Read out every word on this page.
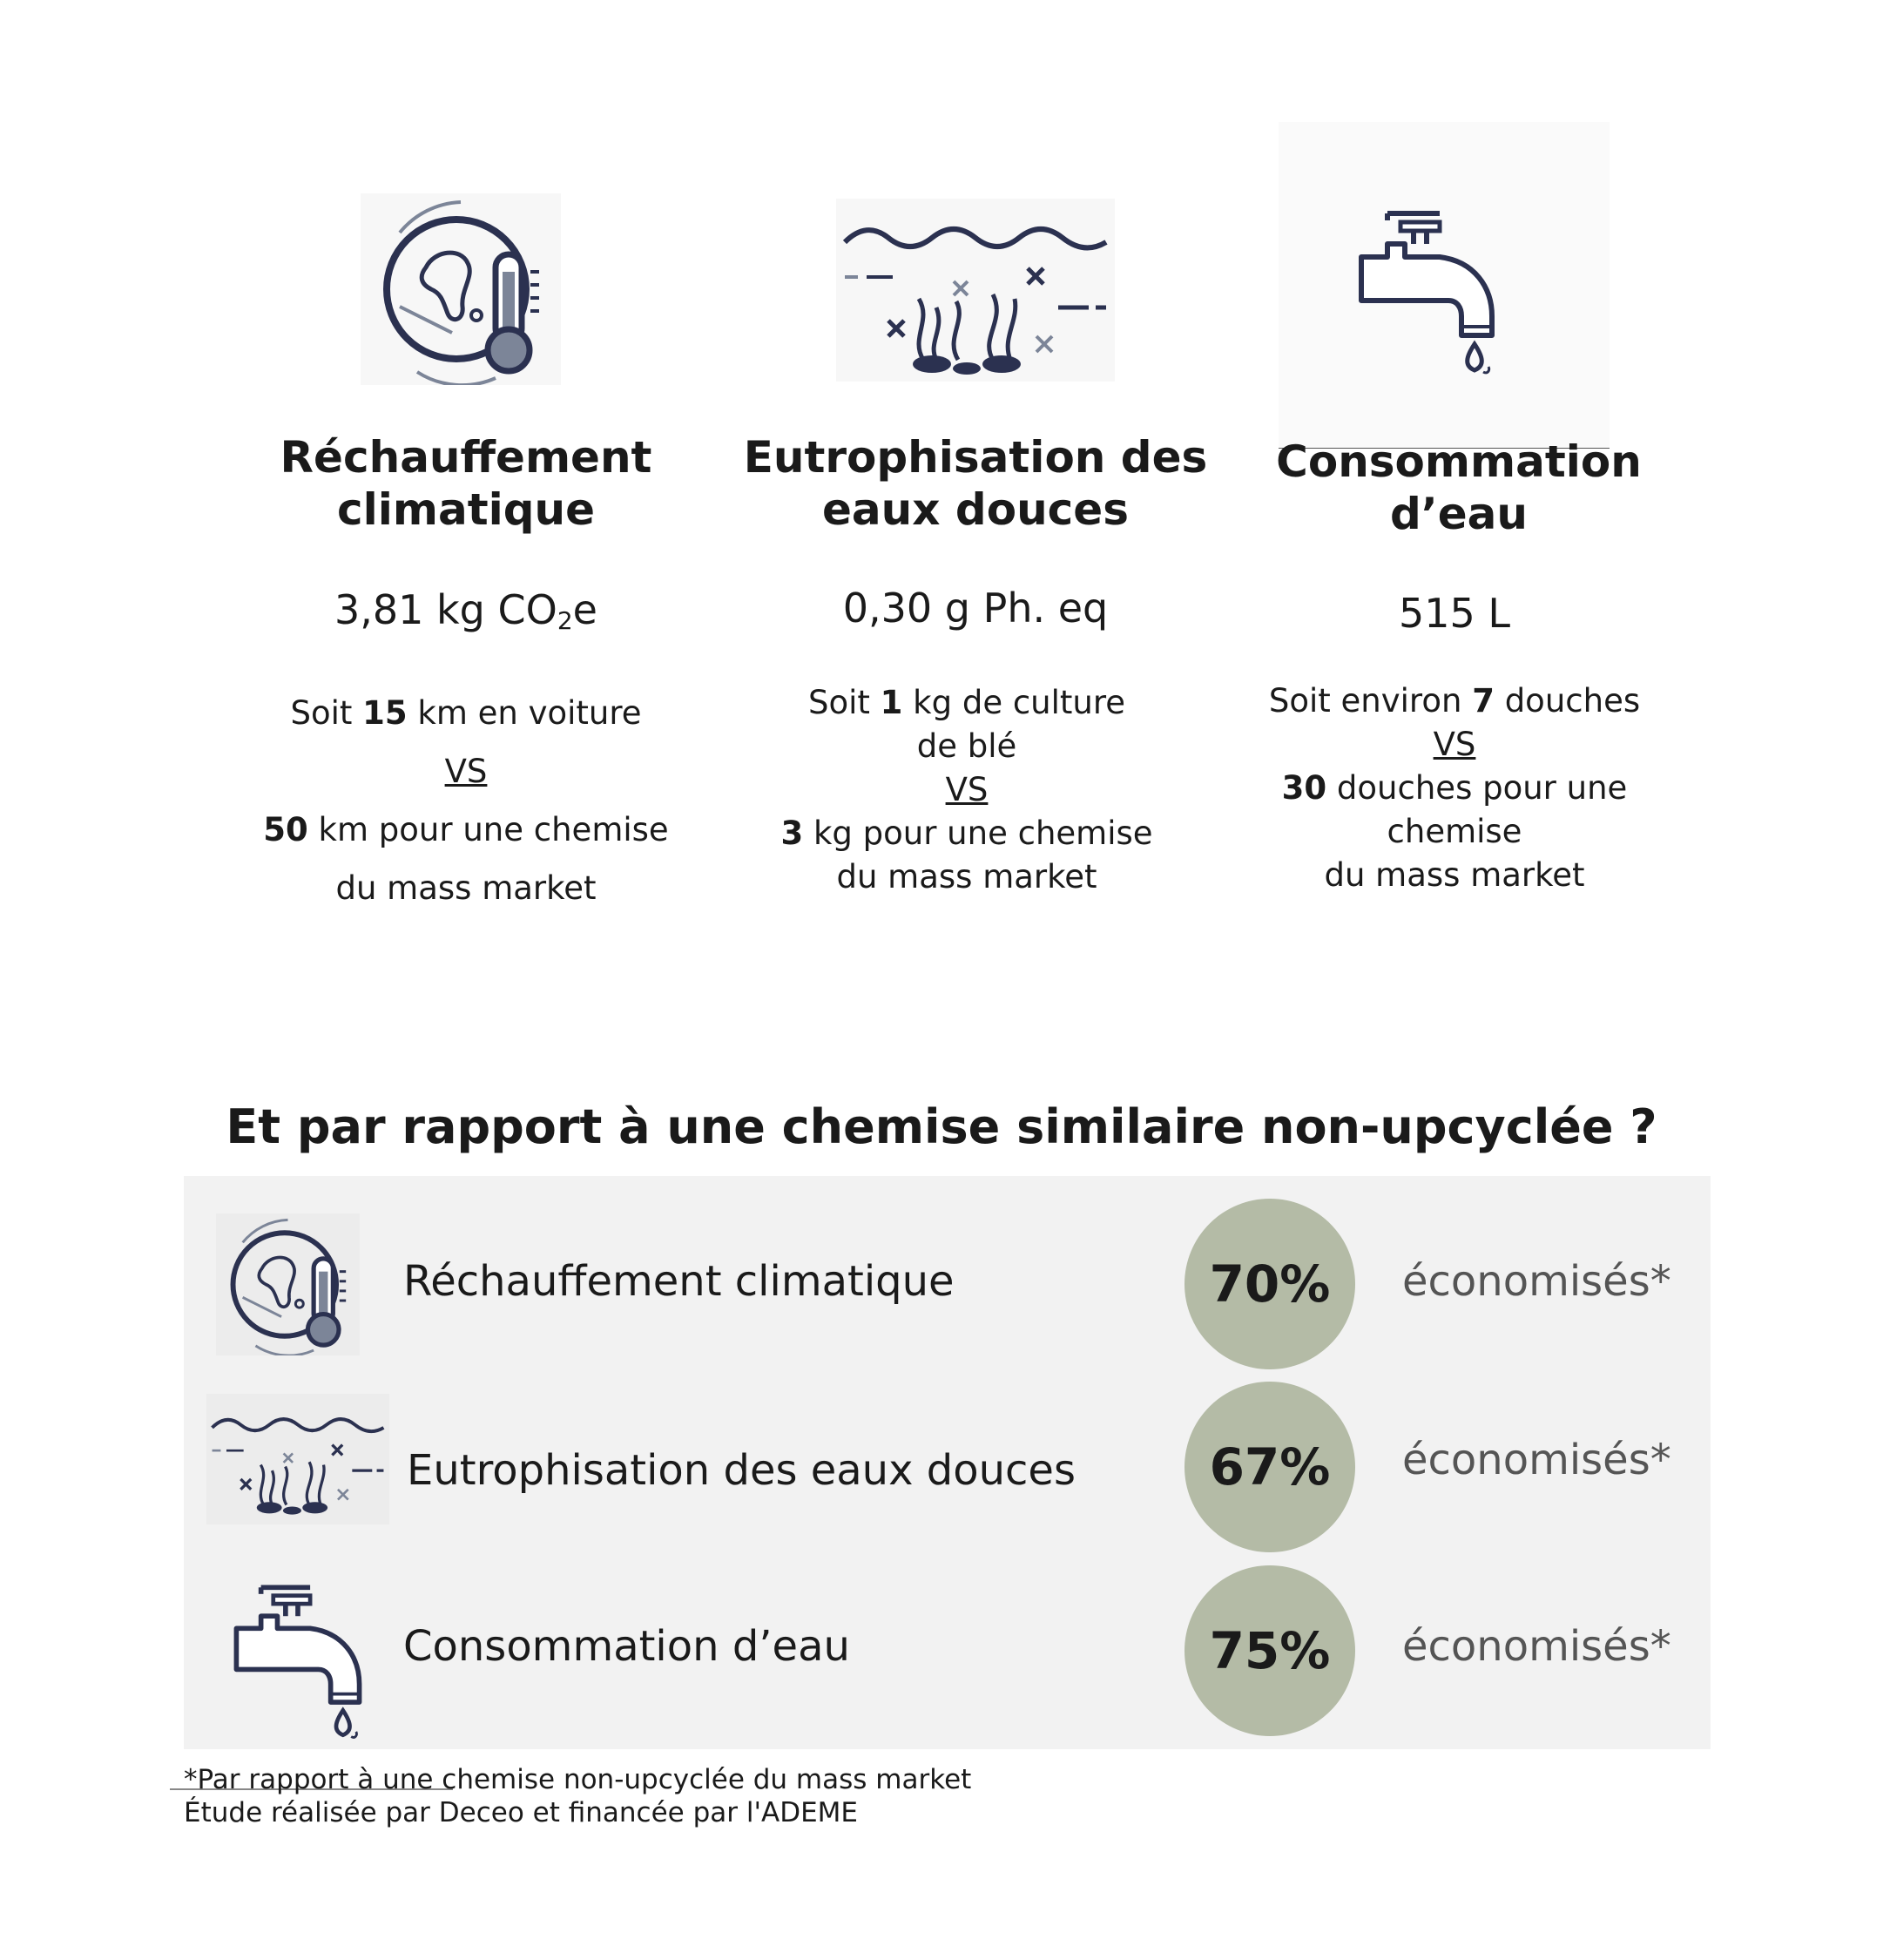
Réchauffement
climatique
3,81 kg $CO_2e$
Soit 15 km en voiture
VS
50 km pour une chemise
du mass market
Eutrophisation des
eaux douces
0,30 g Ph. eq
Soit 1 kg de culture
de blé
VS
3 kg pour une chemise
du mass market
Consommation
d’eau
515 L
Soit environ 7 douches
VS
30 douches pour une
chemise
du mass market
Et par rapport à une chemise similaire non-upcyclée ?
Réchauffement climatique	70%	économisés*
Eutrophisation des eaux douces	67%	économisés*
Consommation d’eau	75%	économisés*
*Par rapport à une chemise non-upcyclée du mass market
Étude réalisée par Deceo et financée par l'ADEME
